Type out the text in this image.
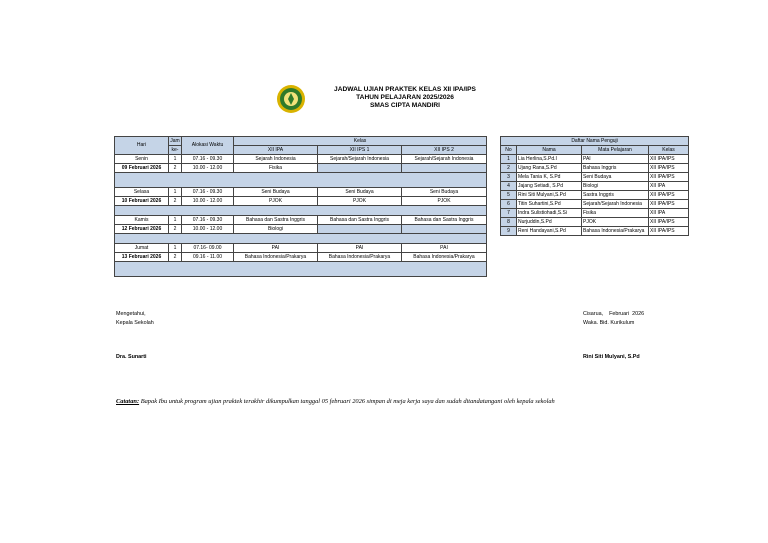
JADWAL UJIAN PRAKTEK KELAS XII IPA/IPS
TAHUN PELAJARAN 2025/2026
SMAS CIPTA MANDIRI
Hari	Jam	Alokasi Waktu	Kelas		
	ke-		XII IPA	XII IPS 1	XII IPS 2
Senin	1	07.16 - 09.30	Sejarah Indonesia	Sejarah/Sejarah Indonesia	Sejarah/Sejarah Indonesia
09 Februari 2026	2	10.00 - 12.00	Fisika		

Selasa	1	07.16 - 09.30	Seni Budaya	Seni Budaya	Seni Budaya
10 Februari 2026	2	10.00 - 12.00	PJOK	PJOK	PJOK

Kamis	1	07.16 - 09.30	Bahasa dan Sastra Inggris	Bahasa dan Sastra Inggris	Bahasa dan Sastra Inggris
12 Februari 2026	2	10.00 - 12.00	Biologi		

Jumat	1	07.16- 09.00	PAI	PAI	PAI
13 Februari 2026	2	09.16 - 11.00	Bahasa Indonesia/Prakarya	Bahasa Indonesia/Prakarya	Bahasa Indonesia/Prakarya

Daftar Nama Penguji			
No	Nama	Mata Pelajaran	Kelas
1	Lia Herlina,S.Pd.I	PAI	XII IPA/IPS
2	Ujang Rana,S.Pd	Bahasa Inggris	XII IPA/IPS
3	Mela Tania K, S.Pd	Seni Budaya	XII IPA/IPS
4	Jajang Setiadi, S.Pd	Biologi	XII IPA
5	Rini Siti Mulyani,S.Pd	Sastra Inggris	XII IPA/IPS
6	Titin Suhartini,S.Pd	Sejarah/Sejarah Indonesia	XII IPA/IPS
7	Indra Sulistiohadi,S.Si	Fisika	XII IPA
8	Nurjuddin,S.Pd	PJOK	XII IPA/IPS
9	Reni Handayani,S.Pd	Bahasa Indonesia/Prakarya	XII IPA/IPS
Mengetahui,
Kepala Sekolah
Dra. Sunarti
Cisarua,    Februari  2026
Wakа. Bid. Kurikulum
Rini Siti Mulyani, S.Pd
Catatan: Bapak Ibu untuk program ujian praktek terakhir dikumpulkan tanggal 05 februari 2026 simpan di meja kerja saya dan sudah ditandatangani oleh kepala sekolah
